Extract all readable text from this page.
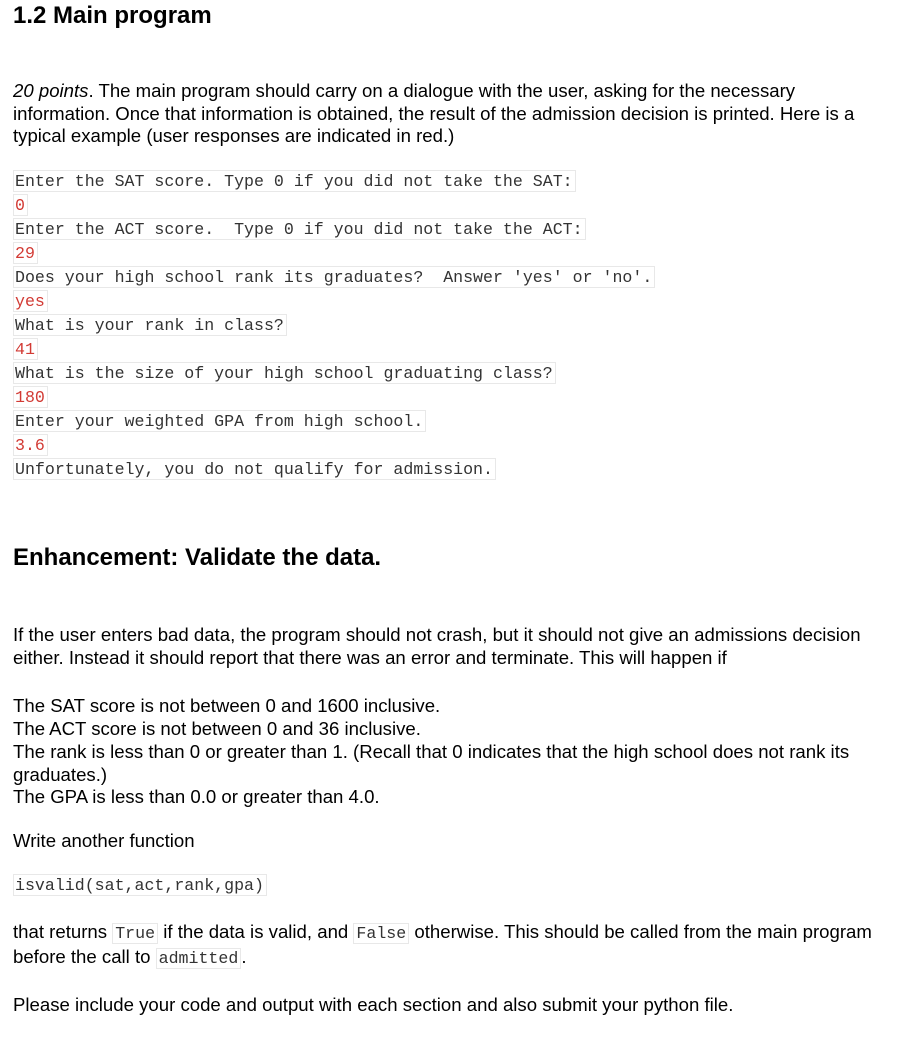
1.2 Main program

20 points. The main program should carry on a dialogue with the user, asking for the necessary information. Once that information is obtained, the result of the admission decision is printed. Here is a typical example (user responses are indicated in red.)

Enter the SAT score. Type 0 if you did not take the SAT:
0
Enter the ACT score.  Type 0 if you did not take the ACT:
29
Does your high school rank its graduates?  Answer 'yes' or 'no'.
yes
What is your rank in class?
41
What is the size of your high school graduating class?
180
Enter your weighted GPA from high school.
3.6
Unfortunately, you do not qualify for admission.
Enhancement: Validate the data.

If the user enters bad data, the program should not crash, but it should not give an admissions decision either. Instead it should report that there was an error and terminate. This will happen if

The SAT score is not between 0 and 1600 inclusive.
The ACT score is not between 0 and 36 inclusive.
The rank is less than 0 or greater than 1. (Recall that 0 indicates that the high school does not rank its graduates.)
The GPA is less than 0.0 or greater than 4.0.
Write another function
isvalid(sat,act,rank,gpa)

that returns True if the data is valid, and False otherwise. This should be called from the main program before the call to admitted .

Please include your code and output with each section and also submit your python file.
